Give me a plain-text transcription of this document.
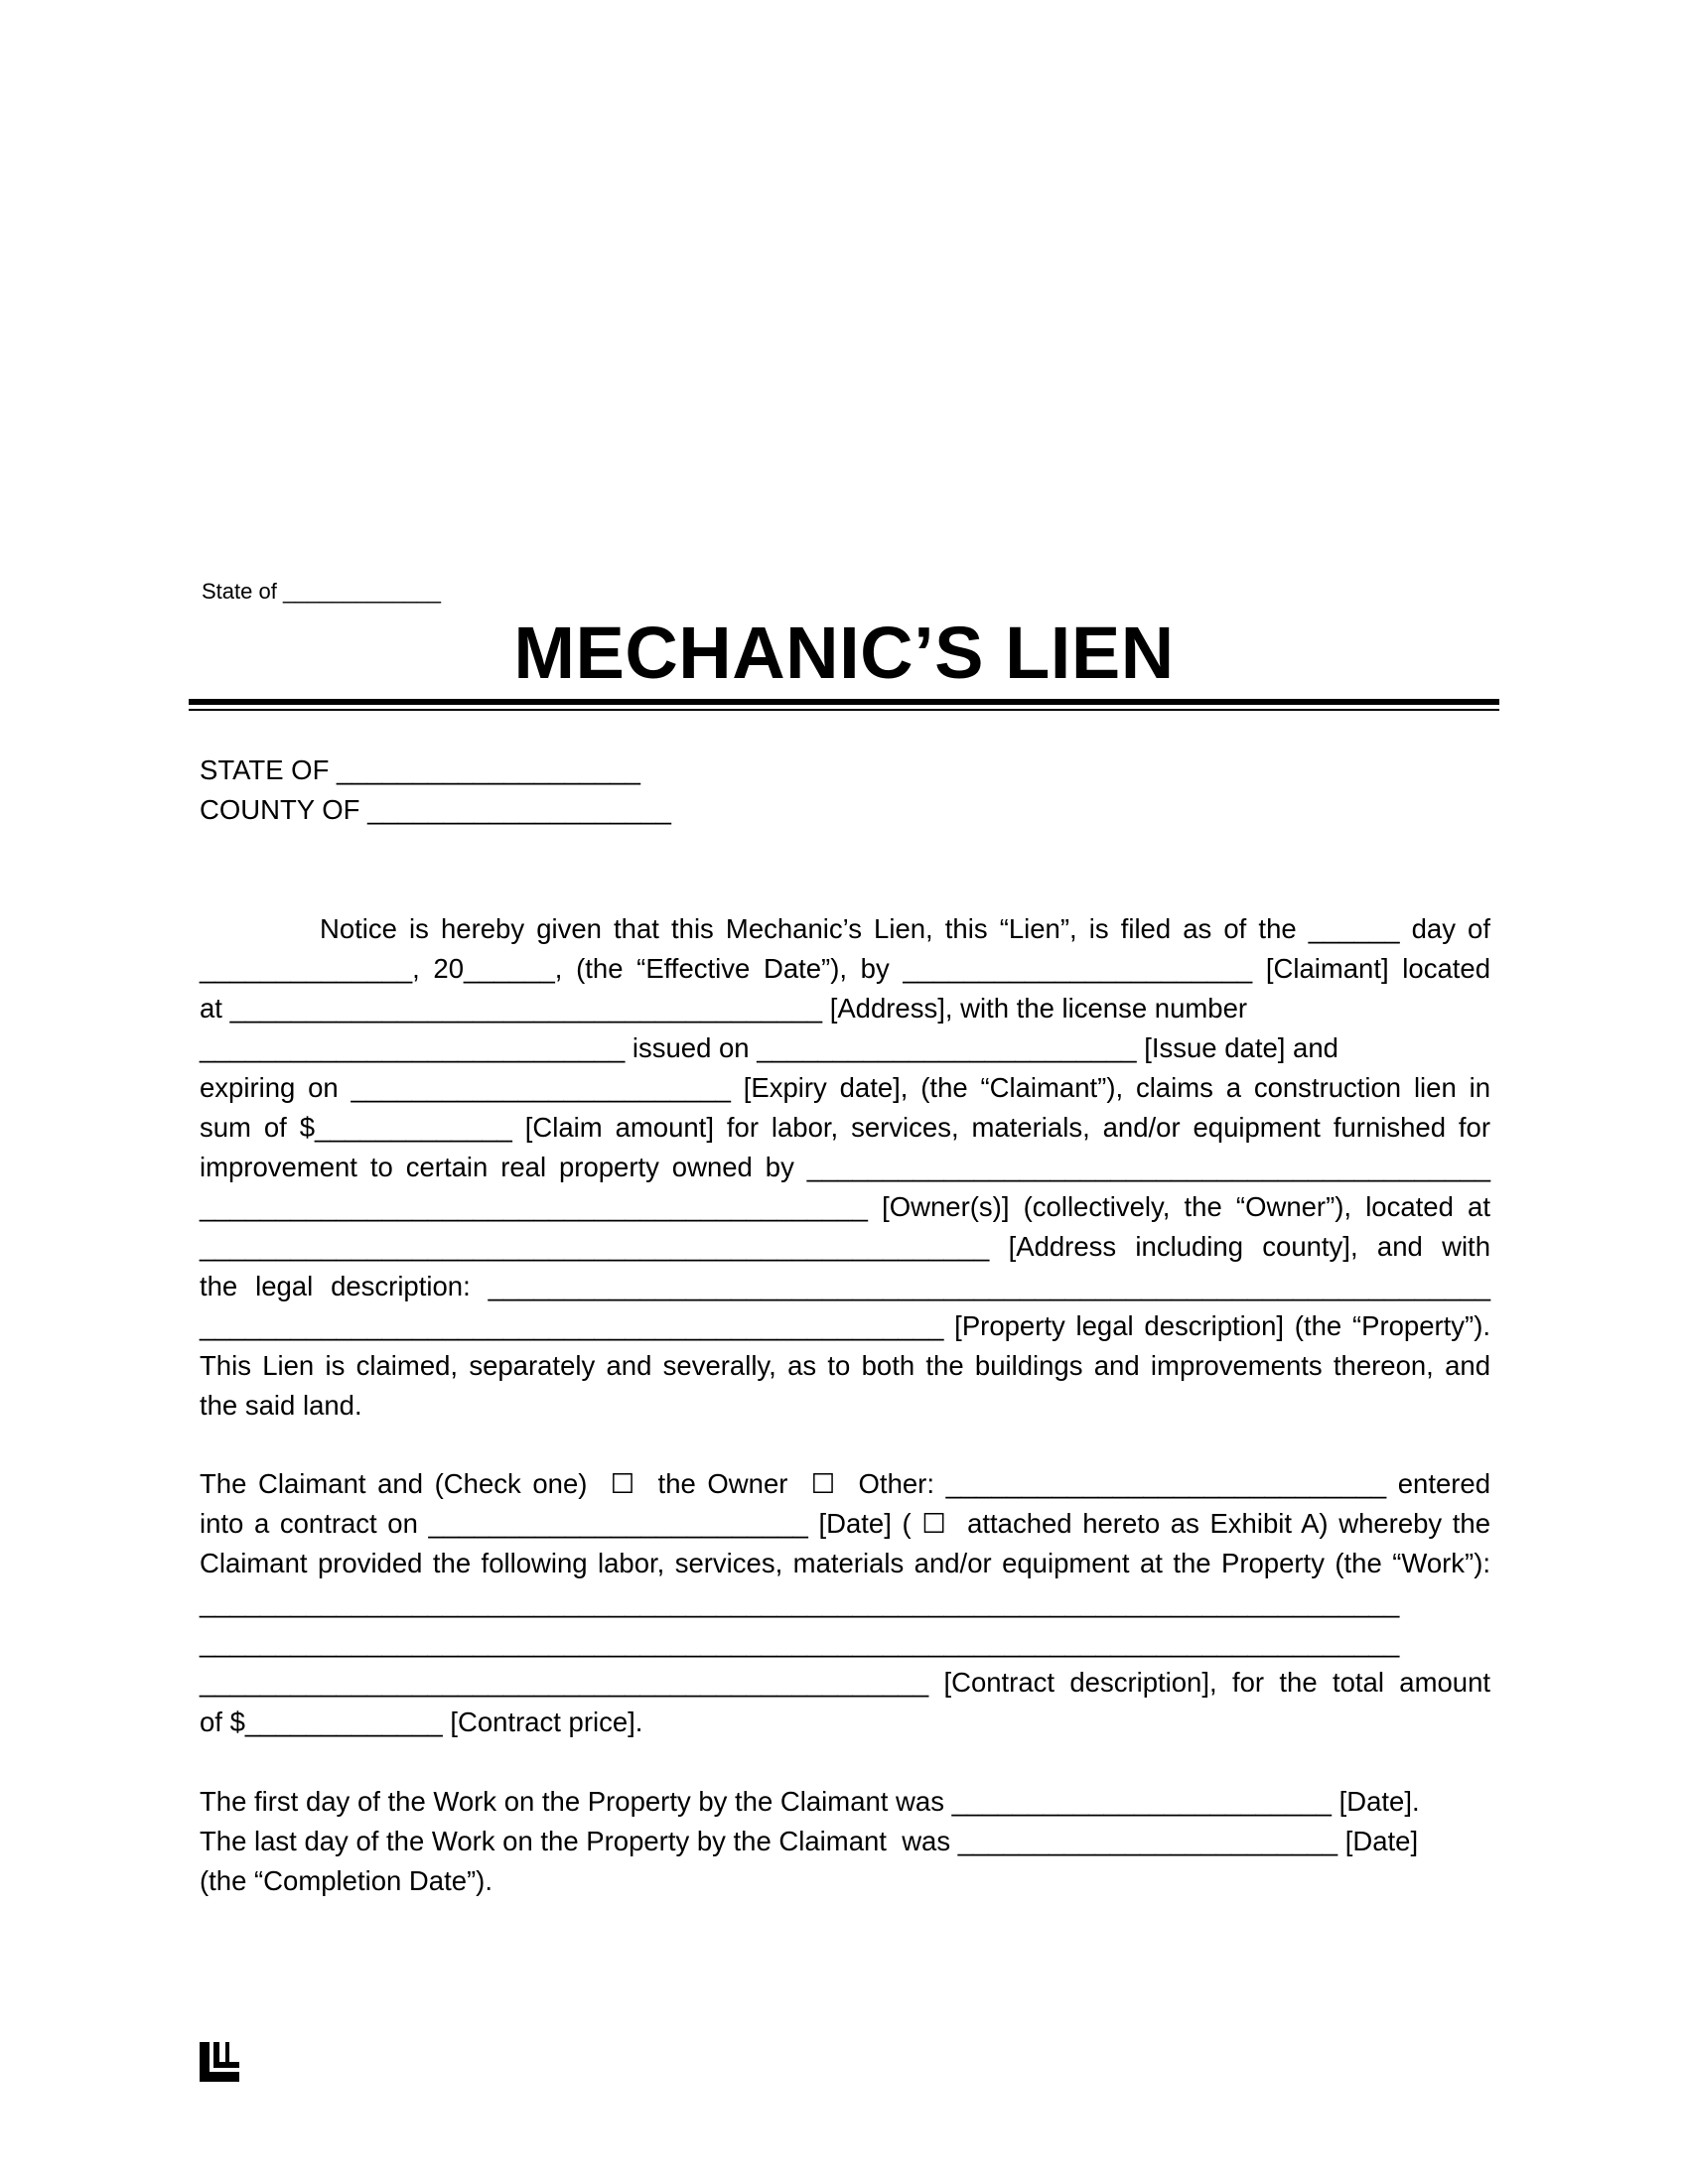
State of _____________
MECHANIC’S LIEN
STATE OF ____________________
COUNTY OF ____________________
Notice is hereby given that this Mechanic’s Lien, this “Lien”, is filed as of the ______ day of
______________, 20______, (the “Effective Date”), by _______________________ [Claimant] located
at _______________________________________ [Address], with the license number
____________________________ issued on _________________________ [Issue date] and
expiring on _________________________ [Expiry date], (the “Claimant”), claims a construction lien in
sum of $_____________ [Claim amount] for labor, services, materials, and/or equipment furnished for
improvement to certain real property owned by _____________________________________________
____________________________________________ [Owner(s)] (collectively, the “Owner”), located at
____________________________________________________ [Address including county], and with
the legal description: __________________________________________________________________
_________________________________________________ [Property legal description] (the “Property”).
This Lien is claimed, separately and severally, as to both the buildings and improvements thereon, and
the said land.
The Claimant and (Check one)  ☐  the Owner  ☐  Other: _____________________________ entered
into a contract on _________________________ [Date] ( ☐  attached hereto as Exhibit A) whereby the
Claimant provided the following labor, services, materials and/or equipment at the Property (the “Work”):
_______________________________________________________________________________
_______________________________________________________________________________
________________________________________________ [Contract description], for the total amount
of $_____________ [Contract price].
The first day of the Work on the Property by the Claimant was _________________________ [Date].
The last day of the Work on the Property by the Claimant  was _________________________ [Date]
(the “Completion Date”).
